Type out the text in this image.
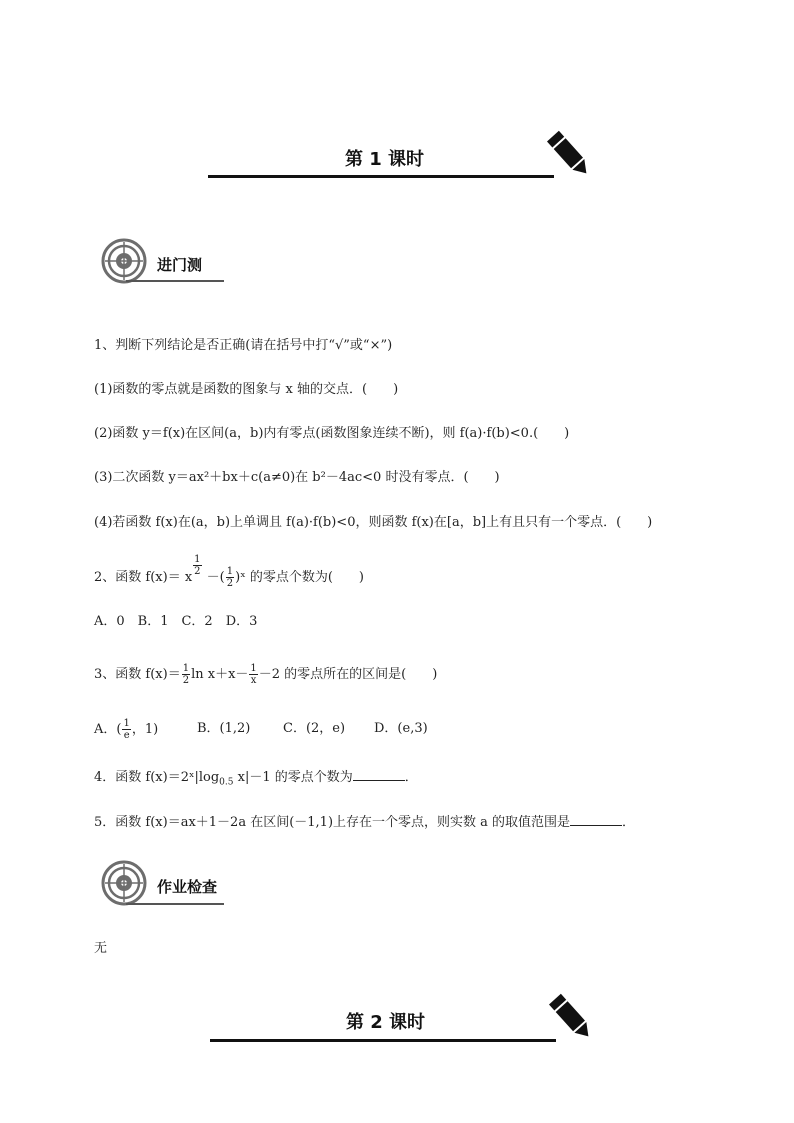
第 1 课时
进门测
1、判断下列结论是否正确(请在括号中打“√”或“×”)
(1)函数的零点就是函数的图象与 x 轴的交点．(　　)
(2)函数 y＝f(x)在区间(a，b)内有零点(函数图象连续不断)，则 f(a)·f(b)<0.(　　)
(3)二次函数 y＝ax²＋bx＋c(a≠0)在 b²－4ac<0 时没有零点．(　　)
(4)若函数 f(x)在(a，b)上单调且 f(a)·f(b)<0，则函数 f(x)在[a，b]上有且只有一个零点．(　　)
2、函数 f(x)＝ x
$\frac{1}{2}$
－( $\frac{1}{2}$ )ˣ 的零点个数为(　　)
A．0　B．1　C．2　D．3
3、函数 $f(x)= \frac{1}{2}$ $\ln x+x- \frac{1}{x} -2$ 的零点所在的区间是(　　)
A．( $\frac{1}{e}$ ，1)	B．(1,2)	C．(2，e) D．(e,3)
4．函数 $f(x)=2ˣ|\log_{0.5}$ x|－1 的零点个数为	．
5．函数 f(x)＝ax＋1－2a 在区间(－1,1)上存在一个零点，则实数 a 的取值范围是	．
作业检查
无
第 2 课时
